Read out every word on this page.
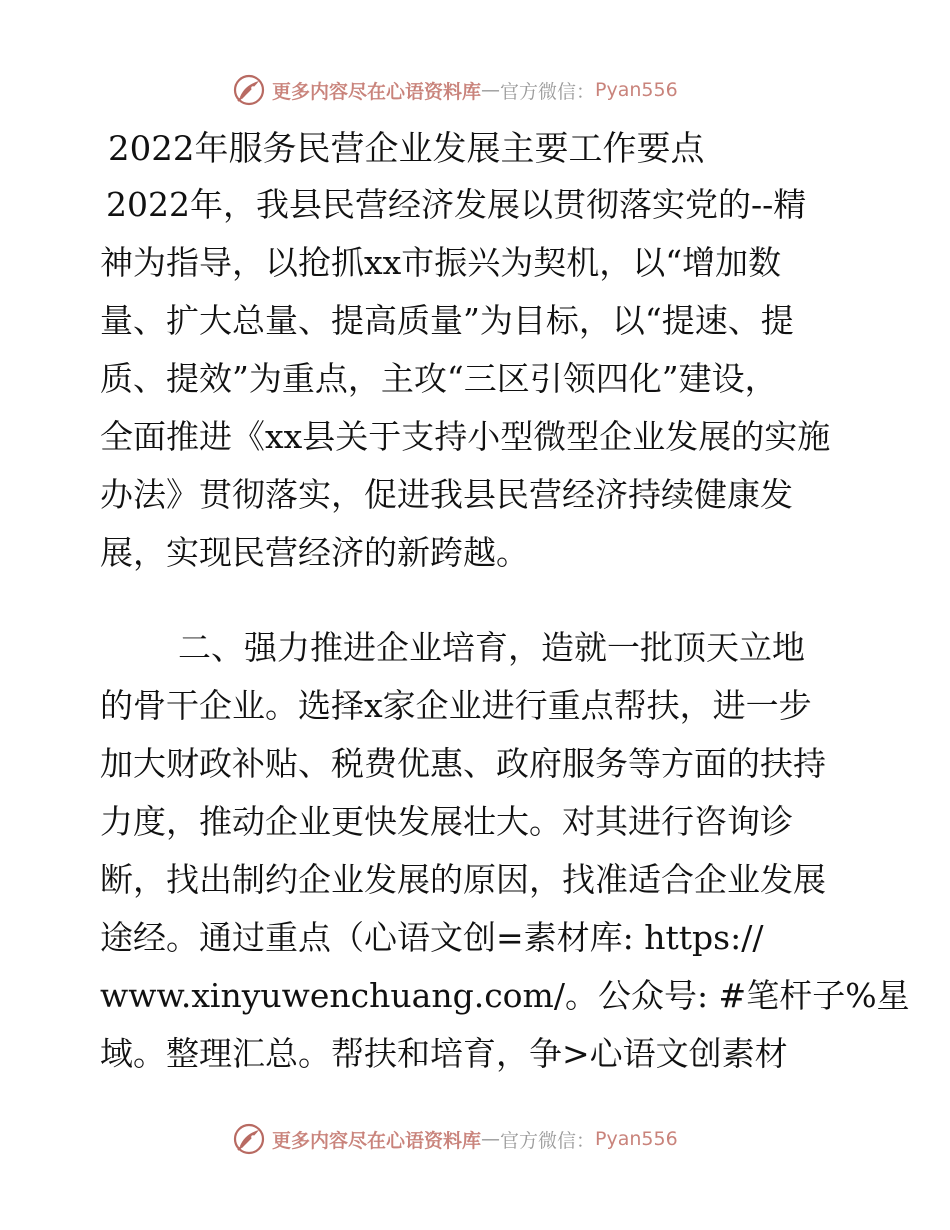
更多内容尽在心语资料库 — 官方微信： Pyan556
2022年服务民营企业发展主要工作要点
2022年，我县民营经济发展以贯彻落实党的--精
神为指导，以抢抓xx市振兴为契机，以“增加数
量、扩大总量、提高质量”为目标，以“提速、提
质、提效”为重点，主攻“三区引领四化”建设，
全面推进《xx县关于支持小型微型企业发展的实施
办法》贯彻落实，促进我县民营经济持续健康发
展，实现民营经济的新跨越。
二、强力推进企业培育，造就一批顶天立地
的骨干企业。选择x家企业进行重点帮扶，进一步
加大财政补贴、税费优惠、政府服务等方面的扶持
力度，推动企业更快发展壮大。对其进行咨询诊
断，找出制约企业发展的原因，找准适合企业发展
途经。通过重点（心语文创=素材库: https://
www.xinyuwenchuang.com/。公众号: #笔杆子%星
域。整理汇总。帮扶和培育，争>心语文创素材
更多内容尽在心语资料库 — 官方微信： Pyan556
